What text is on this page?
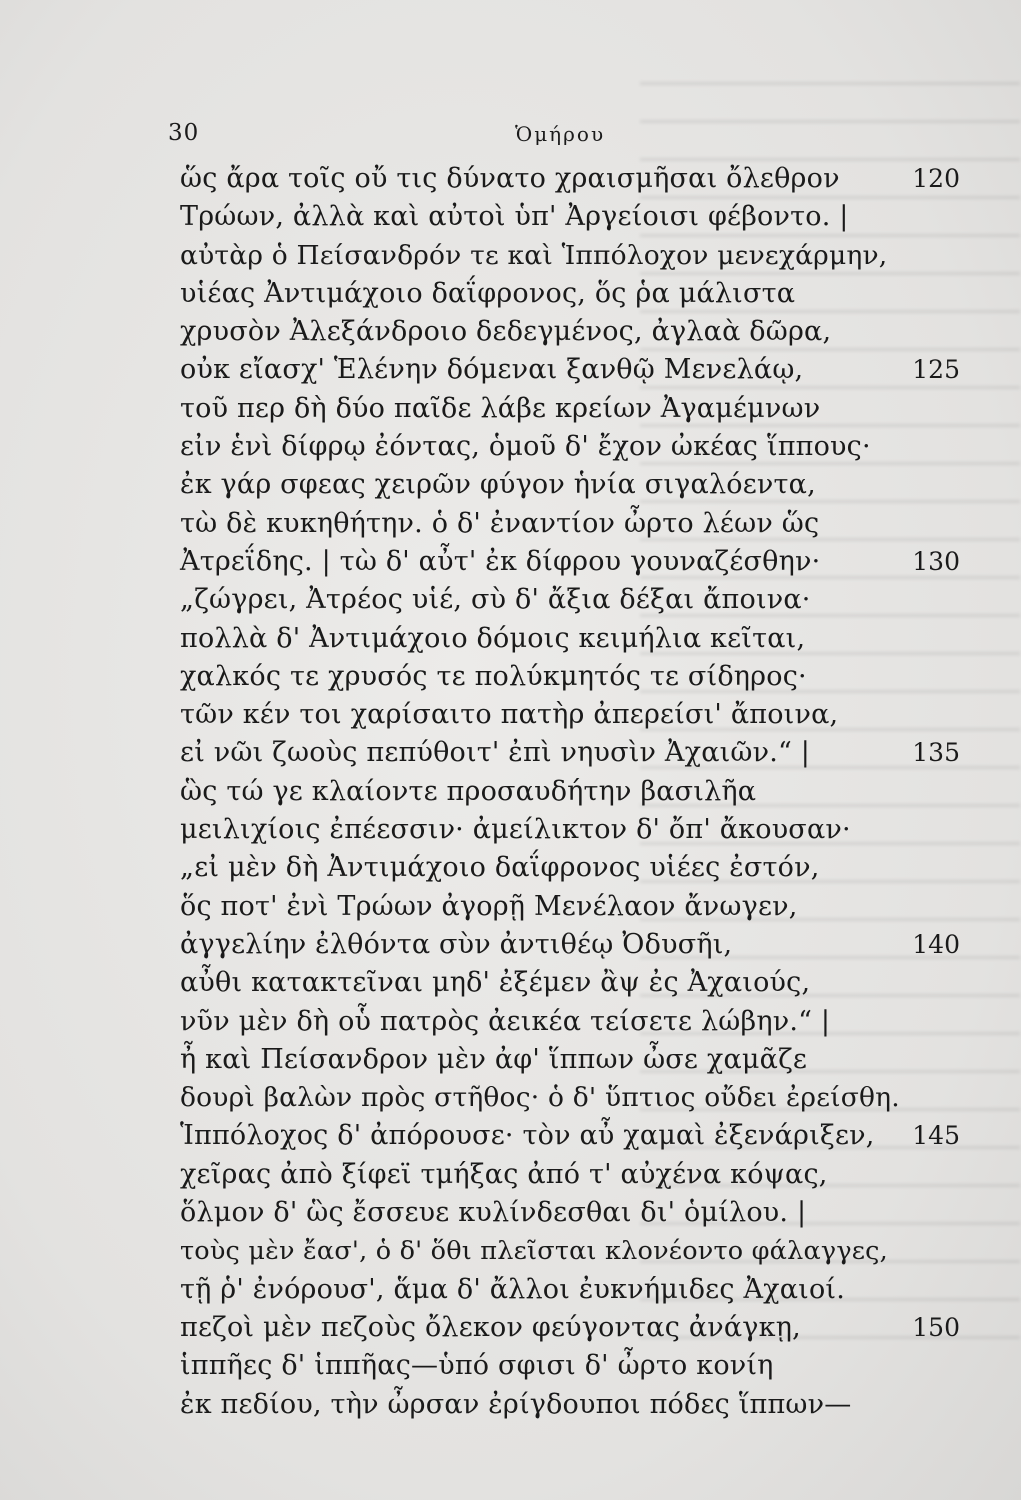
30	Ὁμήρου
ὥς ἄρα τοῖς οὔ τις δύνατο χραισμῆσαι ὄλεθρον	120
Τρώων, ἀλλὰ καὶ αὐτοὶ ὑπ' Ἀργείοισι φέβοντο. |
αὐτὰρ ὁ Πείσανδρόν τε καὶ Ἱππόλοχον μενεχάρμην,
υἱέας Ἀντιμάχοιο δαΐφρονος, ὅς ῥα μάλιστα
χρυσὸν Ἀλεξάνδροιο δεδεγμένος, ἀγλαὰ δῶρα,
οὐκ εἴασχ' Ἑλένην δόμεναι ξανθῷ Μενελάῳ,	125
τοῦ περ δὴ δύο παῖδε λάβε κρείων Ἀγαμέμνων
εἰν ἑνὶ δίφρῳ ἐόντας, ὁμοῦ δ' ἔχον ὠκέας ἵππους·
ἐκ γάρ σφεας χειρῶν φύγον ἡνία σιγαλόεντα,
τὼ δὲ κυκηθήτην. ὁ δ' ἐναντίον ὦρτο λέων ὥς
Ἀτρεΐδης. | τὼ δ' αὖτ' ἐκ δίφρου γουναζέσθην·	130
„ζώγρει, Ἀτρέος υἱέ, σὺ δ' ἄξια δέξαι ἄποινα·
πολλὰ δ' Ἀντιμάχοιο δόμοις κειμήλια κεῖται,
χαλκός τε χρυσός τε πολύκμητός τε σίδηρος·
τῶν κέν τοι χαρίσαιτο πατὴρ ἀπερείσι' ἄποινα,
εἰ νῶι ζωοὺς πεπύθοιτ' ἐπὶ νηυσὶν Ἀχαιῶν.“ |	135
ὣς τώ γε κλαίοντε προσαυδήτην βασιλῆα
μειλιχίοις ἐπέεσσιν· ἀμείλικτον δ' ὄπ' ἄκουσαν·
„εἰ μὲν δὴ Ἀντιμάχοιο δαΐφρονος υἱέες ἐστόν,
ὅς ποτ' ἐνὶ Τρώων ἀγορῇ Μενέλαον ἄνωγεν,
ἀγγελίην ἐλθόντα σὺν ἀντιθέῳ Ὀδυσῆι,	140
αὖθι κατακτεῖναι μηδ' ἐξέμεν ἂψ ἐς Ἀχαιούς,
νῦν μὲν δὴ οὗ πατρὸς ἀεικέα τείσετε λώβην.“ |
ἦ καὶ Πείσανδρον μὲν ἀφ' ἵππων ὦσε χαμᾶζε
δουρὶ βαλὼν πρὸς στῆθος· ὁ δ' ὕπτιος οὔδει ἐρείσθη.
Ἱππόλοχος δ' ἀπόρουσε· τὸν αὖ χαμαὶ ἐξενάριξεν, 145
χεῖρας ἀπὸ ξίφεϊ τμήξας ἀπό τ' αὐχένα κόψας,
ὅλμον δ' ὣς ἔσσευε κυλίνδεσθαι δι' ὁμίλου. |
τοὺς μὲν ἔασ', ὁ δ' ὅθι πλεῖσται κλονέοντο φάλαγγες,
τῇ ῥ' ἐνόρουσ', ἅμα δ' ἄλλοι ἐυκνήμιδες Ἀχαιοί.
πεζοὶ μὲν πεζοὺς ὄλεκον φεύγοντας ἀνάγκῃ,	150
ἱππῆες δ' ἱππῆας—ὑπό σφισι δ' ὦρτο κονίη
ἐκ πεδίου, τὴν ὦρσαν ἐρίγδουποι πόδες ἵππων—
